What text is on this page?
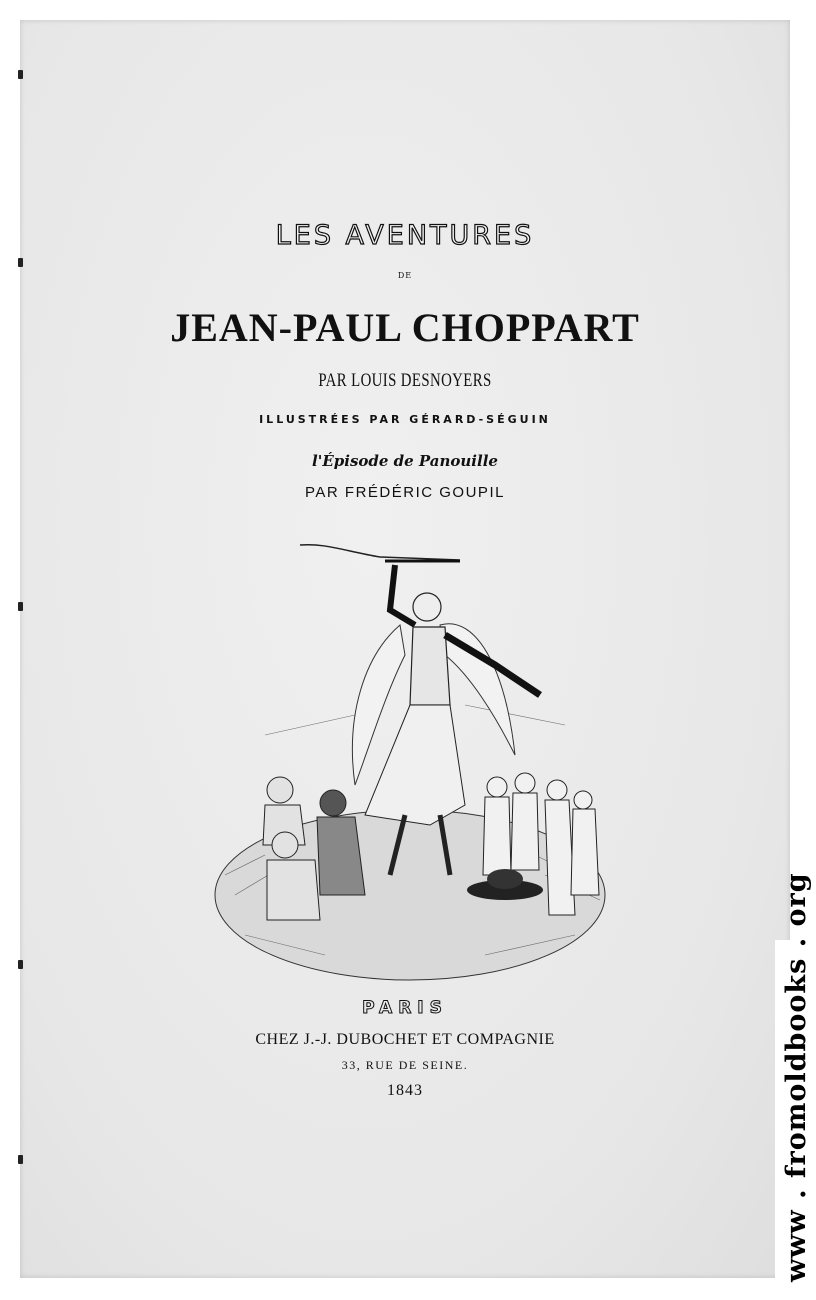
LES AVENTURES
DE
JEAN-PAUL CHOPPART
PAR LOUIS DESNOYERS
ILLUSTRÉES PAR GÉRARD-SÉGUIN
l'Épisode de Panouille
PAR FRÉDÉRIC GOUPIL
PARIS
CHEZ J.-J. DUBOCHET ET COMPAGNIE
33, RUE DE SEINE.
1843	www . fromoldbooks . org
